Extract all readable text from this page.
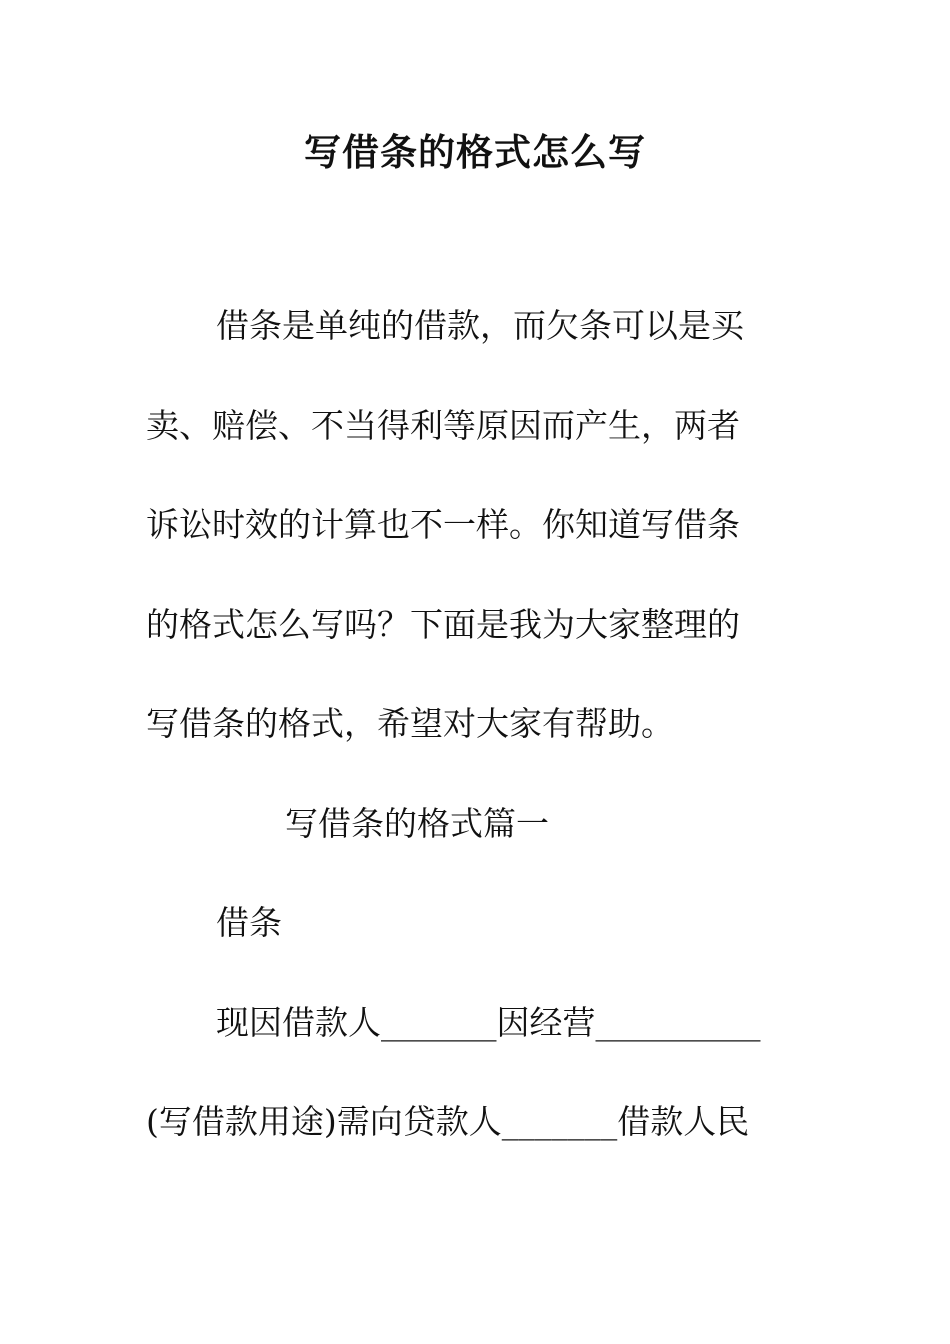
写借条的格式怎么写
借条是单纯的借款，而欠条可以是买
卖、赔偿、不当得利等原因而产生，两者
诉讼时效的计算也不一样。你知道写借条
的格式怎么写吗？下面是我为大家整理的
写借条的格式，希望对大家有帮助。
写借条的格式篇一
借条
现因借款人_______因经营__________
(写借款用途)需向贷款人_______借款人民
